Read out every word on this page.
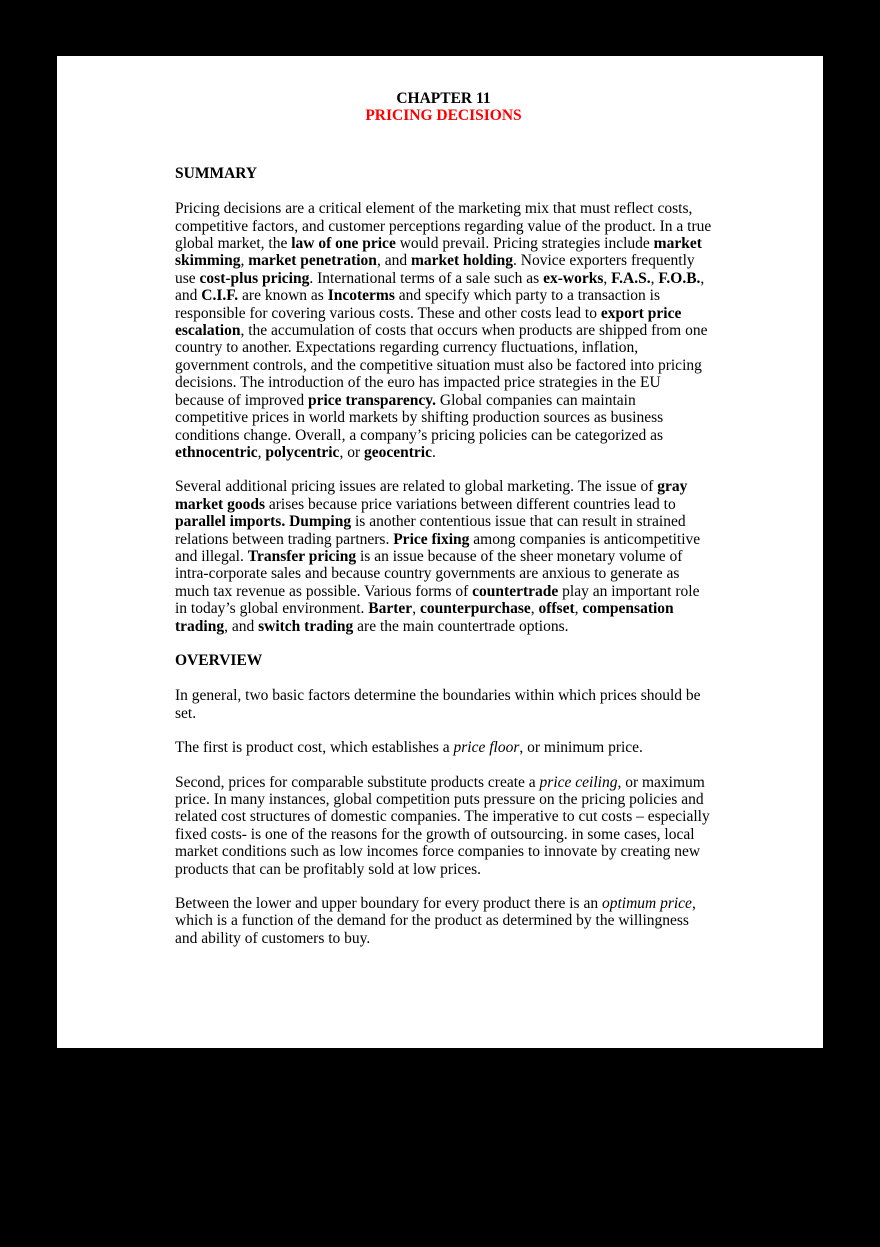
CHAPTER 11
PRICING DECISIONS
SUMMARY

Pricing decisions are a critical element of the marketing mix that must reflect costs, competitive factors, and customer perceptions regarding value of the product. In a true global market, the law of one price would prevail. Pricing strategies include market skimming, market penetration, and market holding. Novice exporters frequently use cost-plus pricing. International terms of a sale such as ex-works, F.A.S., F.O.B., and C.I.F. are known as Incoterms and specify which party to a transaction is responsible for covering various costs. These and other costs lead to export price escalation, the accumulation of costs that occurs when products are shipped from one country to another. Expectations regarding currency fluctuations, inflation, government controls, and the competitive situation must also be factored into pricing decisions. The introduction of the euro has impacted price strategies in the EU because of improved price transparency. Global companies can maintain competitive prices in world markets by shifting production sources as business conditions change. Overall, a company’s pricing policies can be categorized as ethnocentric, polycentric, or geocentric.

Several additional pricing issues are related to global marketing. The issue of gray market goods arises because price variations between different countries lead to parallel imports. Dumping is another contentious issue that can result in strained relations between trading partners. Price fixing among companies is anticompetitive and illegal. Transfer pricing is an issue because of the sheer monetary volume of intra-corporate sales and because country governments are anxious to generate as much tax revenue as possible. Various forms of countertrade play an important role in today’s global environment. Barter, counterpurchase, offset, compensation trading, and switch trading are the main countertrade options.

OVERVIEW

In general, two basic factors determine the boundaries within which prices should be set.

The first is product cost, which establishes a price floor, or minimum price.

Second, prices for comparable substitute products create a price ceiling, or maximum price. In many instances, global competition puts pressure on the pricing policies and related cost structures of domestic companies. The imperative to cut costs – especially fixed costs- is one of the reasons for the growth of outsourcing. in some cases, local market conditions such as low incomes force companies to innovate by creating new products that can be profitably sold at low prices.

Between the lower and upper boundary for every product there is an optimum price, which is a function of the demand for the product as determined by the willingness and ability of customers to buy.
